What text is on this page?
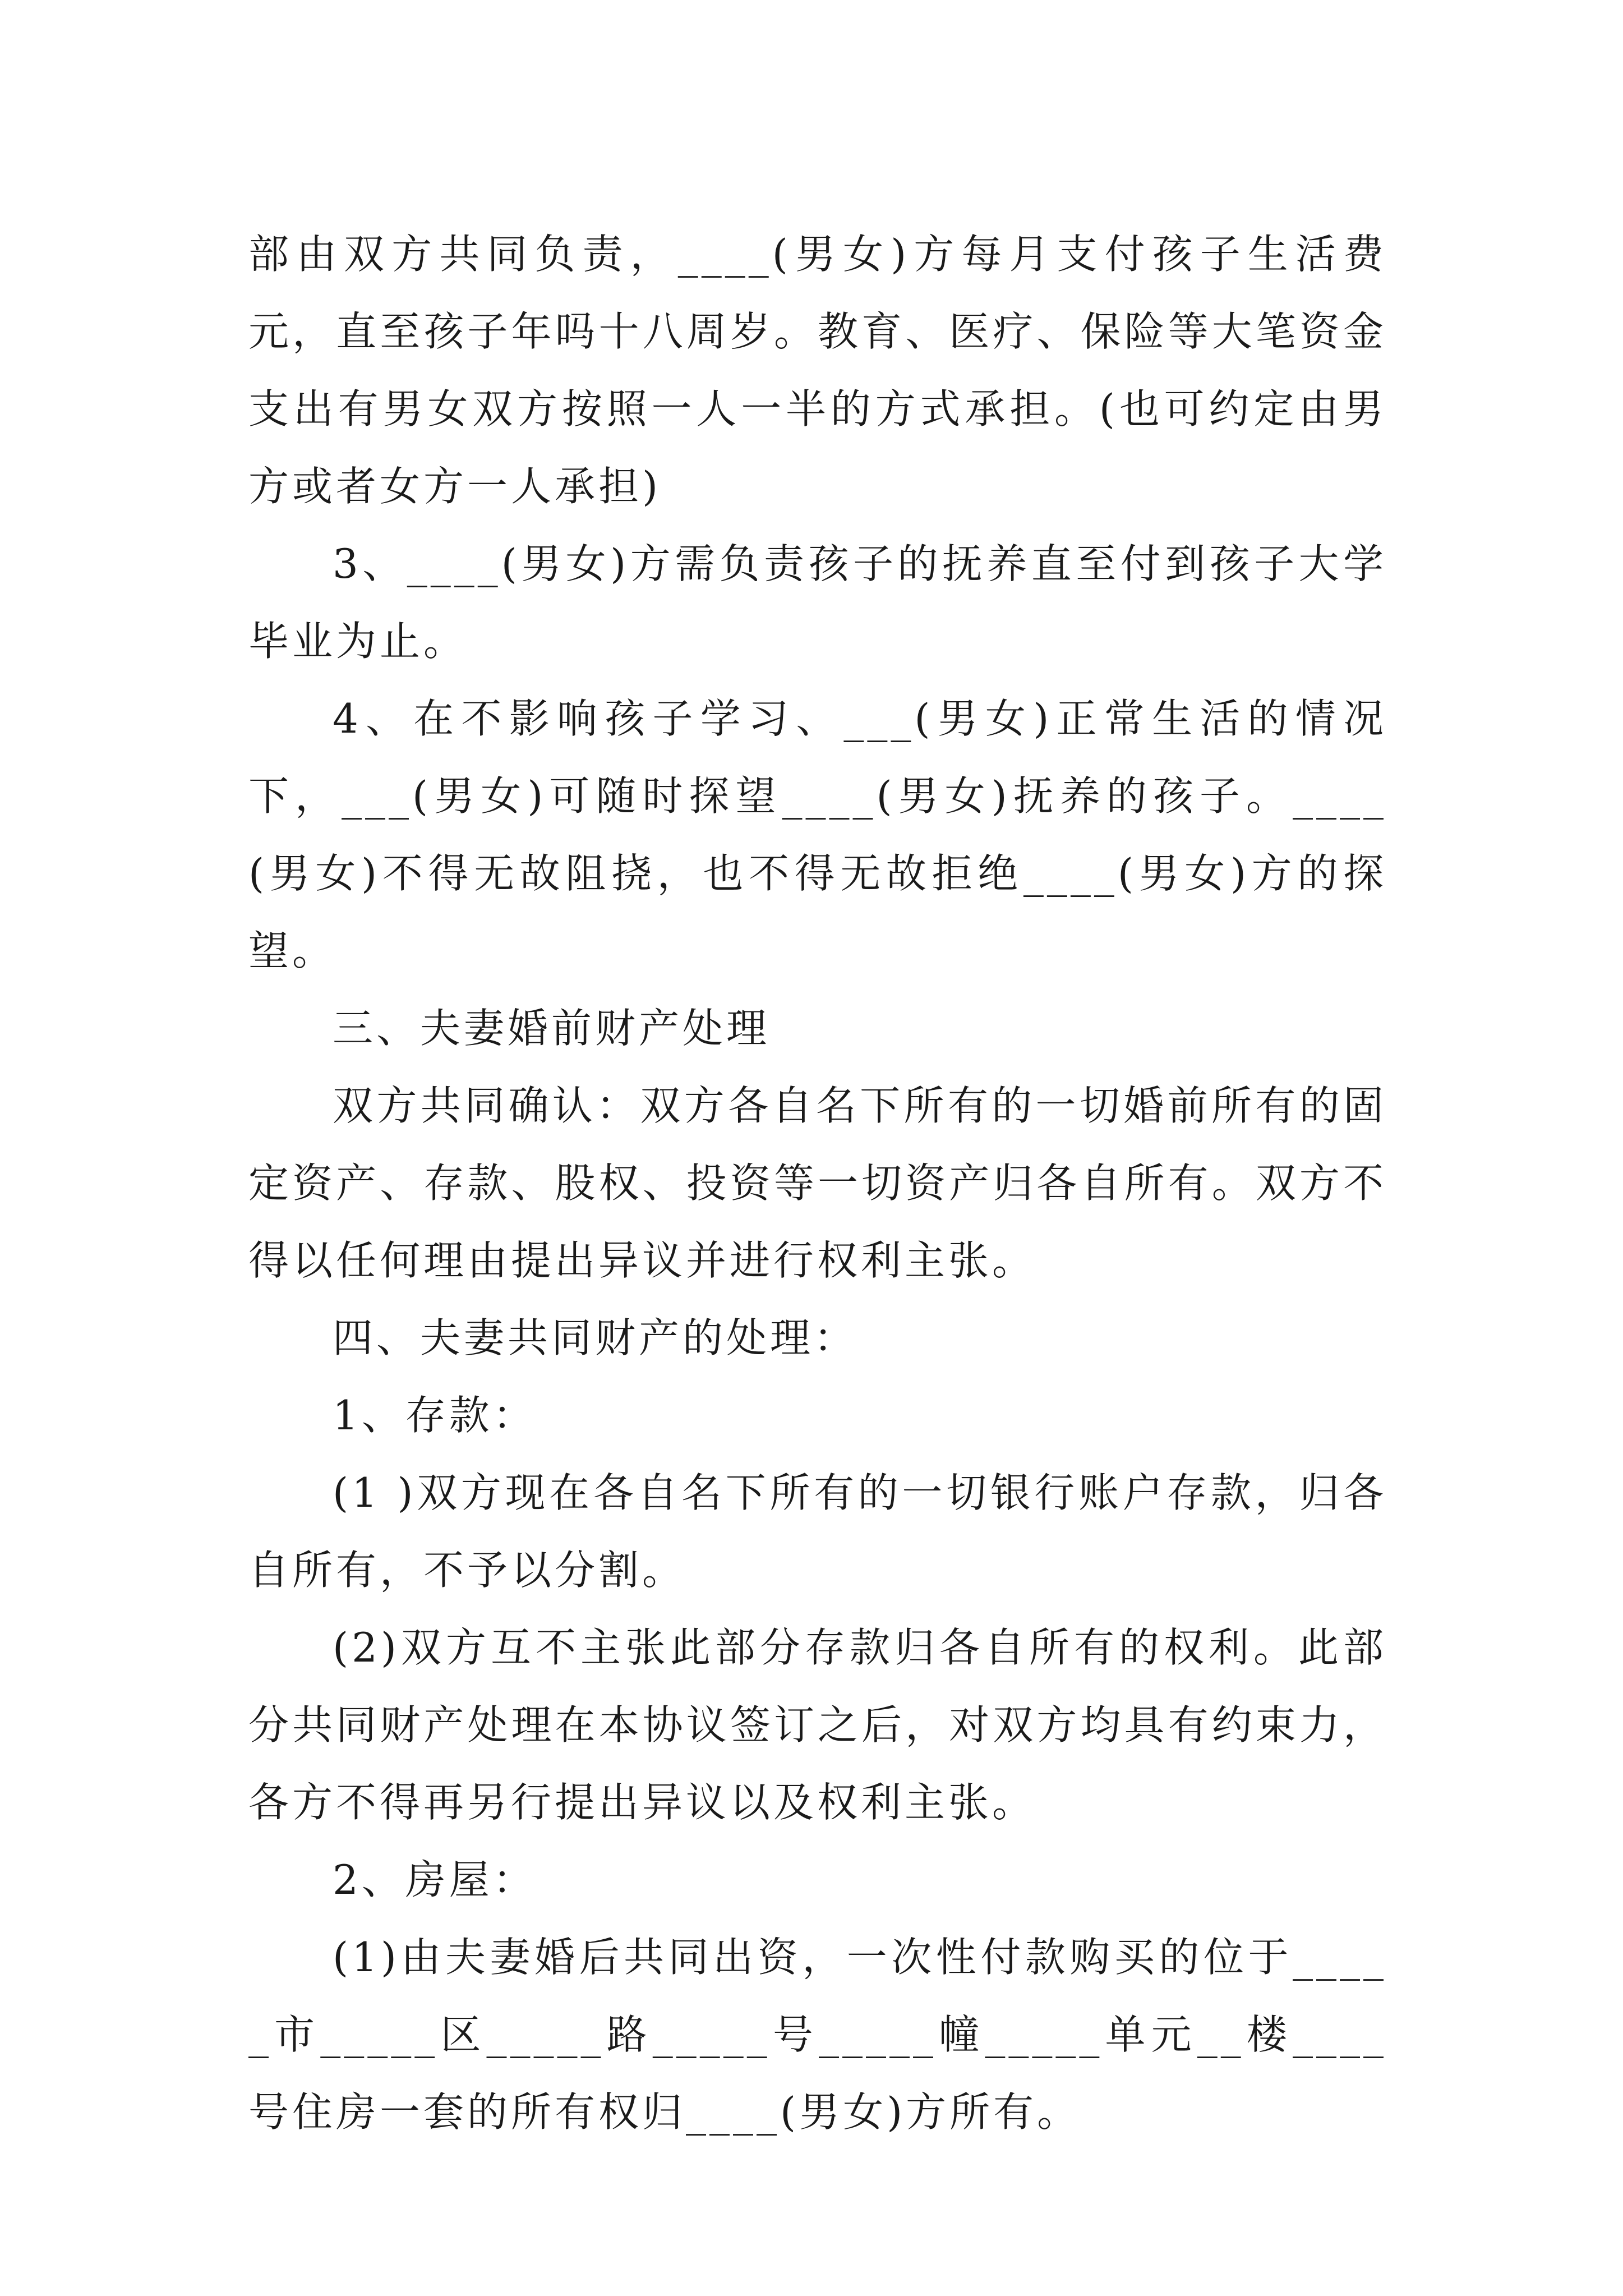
部由双方共同负责，____(男女)方每月支付孩子生活费 元，直至孩子年吗十八周岁。教育、医疗、保险等大笔资金支出有男女双方按照一人一半的方式承担。(也可约定由男方或者女方一人承担)

3、____(男女)方需负责孩子的抚养直至付到孩子大学毕业为止。

4、在不影响孩子学习、___(男女)正常生活的情况下，___(男女)可随时探望____(男女)抚养的孩子。____(男女)不得无故阻挠，也不得无故拒绝____(男女)方的探望。

三、夫妻婚前财产处理

双方共同确认：双方各自名下所有的一切婚前所有的固定资产、存款、股权、投资等一切资产归各自所有。双方不得以任何理由提出异议并进行权利主张。

四、夫妻共同财产的处理：

1、存款：

(1 )双方现在各自名下所有的一切银行账户存款，归各自所有，不予以分割。

(2)双方互不主张此部分存款归各自所有的权利。此部分共同财产处理在本协议签订之后，对双方均具有约束力，各方不得再另行提出异议以及权利主张。

2、房屋：

(1)由夫妻婚后共同出资，一次性付款购买的位于_____市_____区_____路_____号_____幢_____单元__楼____号住房一套的所有权归____(男女)方所有。
